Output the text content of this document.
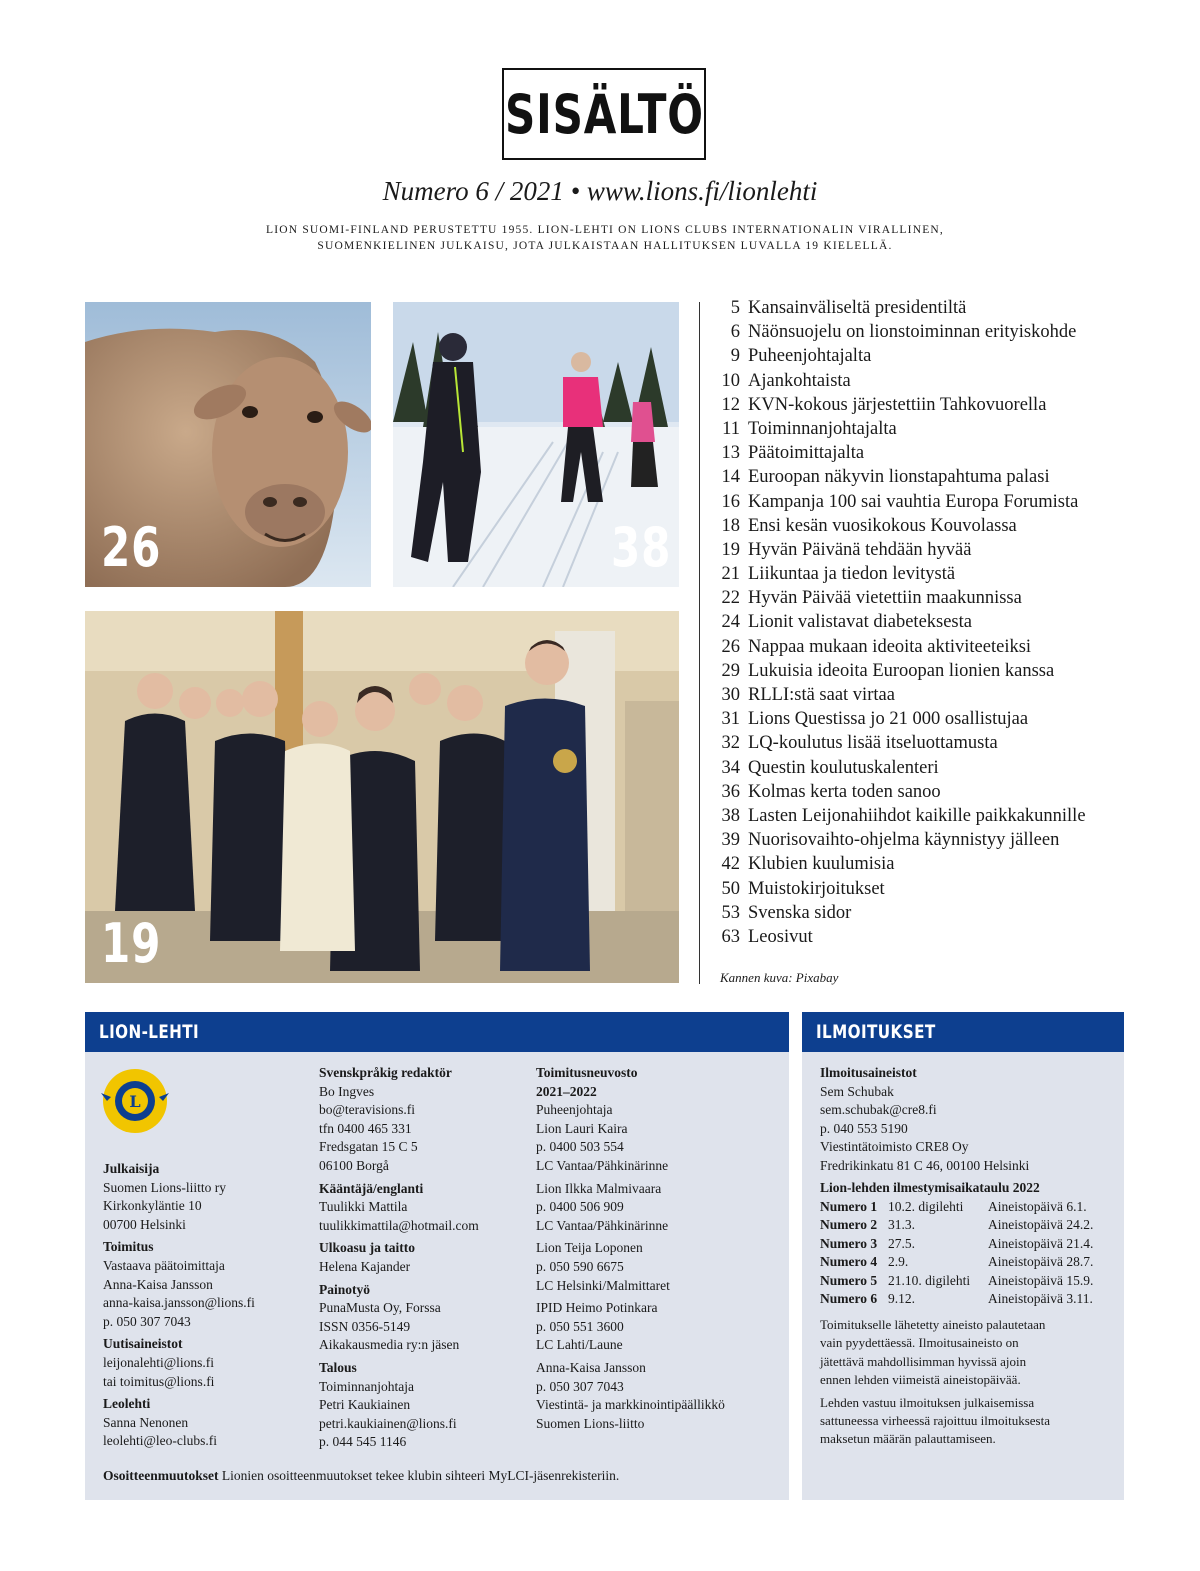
SISÄLTÖ
Numero 6 / 2021 • www.lions.fi/lionlehti
LION SUOMI-FINLAND PERUSTETTU 1955. LION-LEHTI ON LIONS CLUBS INTERNATIONALIN VIRALLINEN,
SUOMENKIELINEN JULKAISU, JOTA JULKAISTAAN HALLITUKSEN LUVALLA 19 KIELELLÄ.
26	38
19
5 Kansainväliseltä presidentiltä
6 Näönsuojelu on lionstoiminnan erityiskohde
9 Puheenjohtajalta
10 Ajankohtaista
12 KVN-kokous järjestettiin Tahkovuorella
11 Toiminnanjohtajalta
13 Päätoimittajalta
14 Euroopan näkyvin lionstapahtuma palasi
16 Kampanja 100 sai vauhtia Europa Forumista
18 Ensi kesän vuosikokous Kouvolassa
19 Hyvän Päivänä tehdään hyvää
21 Liikuntaa ja tiedon levitystä
22 Hyvän Päivää vietettiin maakunnissa
24 Lionit valistavat diabeteksesta
26 Nappaa mukaan ideoita aktiviteeteiksi
29 Lukuisia ideoita Euroopan lionien kanssa
30 RLLI:stä saat virtaa
31 Lions Questissa jo 21 000 osallistujaa
32 LQ-koulutus lisää itseluottamusta
34 Questin koulutuskalenteri
36 Kolmas kerta toden sanoo
38 Lasten Leijonahiihdot kaikille paikkakunnille
39 Nuorisovaihto-ohjelma käynnistyy jälleen
42 Klubien kuulumisia
50 Muistokirjoitukset
53 Svenska sidor
63 Leosivut
Kannen kuva: Pixabay
LION-LEHTI
L
Julkaisija
Suomen Lions-liitto ry
Kirkonkyläntie 10
00700 Helsinki
Toimitus
Vastaava päätoimittaja
Anna-Kaisa Jansson
anna-kaisa.jansson@lions.fi
p. 050 307 7043
Uutisaineistot
leijonalehti@lions.fi
tai toimitus@lions.fi
Leolehti
Sanna Nenonen
leolehti@leo-clubs.fi
Svenskpråkig redaktör
Bo Ingves
bo@teravisions.fi
tfn 0400 465 331
Fredsgatan 15 C 5
06100 Borgå
Kääntäjä/englanti
Tuulikki Mattila
tuulikkimattila@hotmail.com
Ulkoasu ja taitto
Helena Kajander
Painotyö
PunaMusta Oy, Forssa
ISSN 0356-5149
Aikakausmedia ry:n jäsen
Talous
Toiminnanjohtaja
Petri Kaukiainen
petri.kaukiainen@lions.fi
p. 044 545 1146
Toimitusneuvosto
2021–2022
Puheenjohtaja
Lion Lauri Kaira
p. 0400 503 554
LC Vantaa/Pähkinärinne
Lion Ilkka Malmivaara
p. 0400 506 909
LC Vantaa/Pähkinärinne
Lion Teija Loponen
p. 050 590 6675
LC Helsinki/Malmittaret
IPID Heimo Potinkara
p. 050 551 3600
LC Lahti/Laune
Anna-Kaisa Jansson
p. 050 307 7043
Viestintä- ja markkinointipäällikkö
Suomen Lions-liitto
Osoitteenmuutokset Lionien osoitteenmuutokset tekee klubin sihteeri MyLCI-jäsenrekisteriin.
ILMOITUKSET
Ilmoitusaineistot
Sem Schubak
sem.schubak@cre8.fi
p. 040 553 5190
Viestintätoimisto CRE8 Oy
Fredrikinkatu 81 C 46, 00100 Helsinki
Lion-lehden ilmestymisaikataulu 2022
Numero 1 10.2. digilehti	Aineistopäivä 6.1.
Numero 2 31.3.	Aineistopäivä 24.2.
Numero 3 27.5.	Aineistopäivä 21.4.
Numero 4 2.9.	Aineistopäivä 28.7.
Numero 5 21.10. digilehti	Aineistopäivä 15.9.
Numero 6 9.12.	Aineistopäivä 3.11.
Toimitukselle lähetetty aineisto palautetaan
vain pyydettäessä. Ilmoitusaineisto on
jätettävä mahdollisimman hyvissä ajoin
ennen lehden viimeistä aineistopäivää.
Lehden vastuu ilmoituksen julkaisemissa
sattuneessa virheessä rajoittuu ilmoituksesta
maksetun määrän palauttamiseen.
